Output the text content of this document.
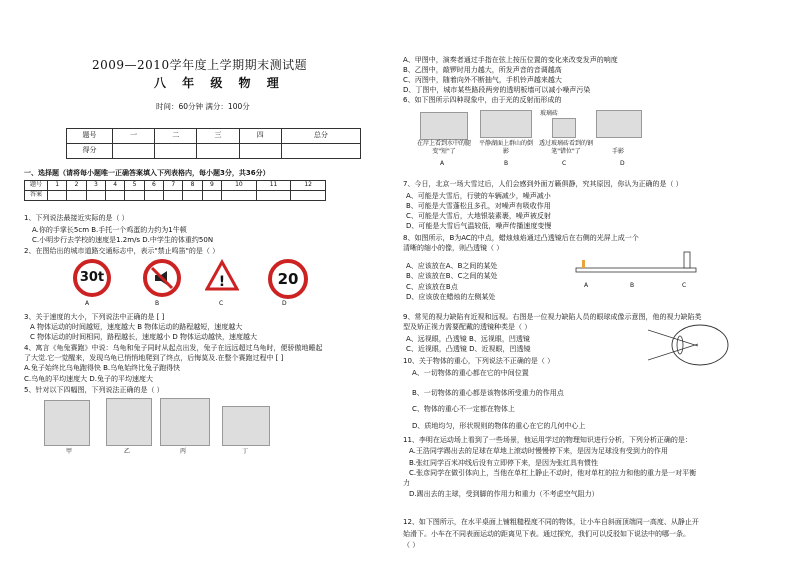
2009—2010学年度上学期期末测试题
八 年 级 物 理
时间：60分钟 满分：100分
题号	一	二	三	四	总分
得分					
一、选择题（请将每小题唯一正确答案填入下列表格内，每小题3分，共36分）
题号	1	2	3	4	5	6	7	8	9	10	11	12
答案												
1、下列说法最接近实际的是（ ）
A.你的手掌长5cm B.手托一个鸡蛋的力约为1牛顿
C.小明步行去学校的速度是1.2m/s D.中学生的体重约50N
2、在图给出的城市道路交通标志中，表示"禁止鸣笛"的是（ ）
30t	!	20
A	B	C	D
3、关于速度的大小，下列说法中正确的是 [ ]
A 物体运动的时间越短，速度越大 B 物体运动的路程越短，速度越大
C 物体运动的时间相同，路程越长，速度越小 D 物体运动越快，速度越大
4、寓言《龟兔赛跑》中说：乌龟和兔子同时从起点出发，兔子在远远超过乌龟时，便骄傲地睡起
了大觉.它一觉醒来，发现乌龟已悄悄地爬到了终点，后悔莫及.在整个赛跑过程中 [ ]
A.兔子始终比乌龟跑得快 B.乌龟始终比兔子跑得快
C.乌龟的平均速度大 D.兔子的平均速度大
5、针对以下四幅图，下列说法正确的是（ ）
甲	乙	丙	丁
A、甲图中，演奏者通过手指在弦上按压位置的变化来改变发声的响度
B、乙图中，敲锣时用力越大，所发声音的音调越高
C、丙图中，随着向外不断抽气，手机铃声越来越大
D、丁图中，城市某些路段两旁的透明板墙可以减小噪声污染
6、如下图所示四种现象中，由于光的反射而形成的
玻璃砖
在岸上看到水中的腿变"短"了
平静湖面上群山的倒影
透过玻璃砖看到的钢笔"错位"了	手影
A	B	C	D
7、今日，北京一场大雪过后，人们会感到外面万籁俱静，究其原因，你认为正确的是（ ）
A、可能是大雪后，行驶的车辆减少，噪声减小
B、可能是大雪蓬松且多孔，对噪声有吸收作用
C、可能是大雪后，大地银装素裹，噪声被反射
D、可能是大雪后气温较低，噪声传播速度变慢
8、如图所示，B为AC的中点，蜡烛烛焰通过凸透镜后在右侧的光屏上成一个
清晰的缩小的像，则凸透镜（ ）
A、应该放在A、B之间的某处
B、应该放在B、C之间的某处
C、应该放在B点
D、应该放在蜡烛的左侧某处
9、常见的视力缺陷有近视和远视。右图是一位视力缺陷人员的眼球成像示意图，他的视力缺陷类
型及矫正视力需要配戴的透镜种类是（ ）
A、远视眼，凸透镜 B、远视眼，凹透镜
C、近视眼，凸透镜 D、近视眼，凹透镜
10、关于物体的重心，下列说法不正确的是（ ）
A、一切物体的重心都在它的中间位置
B、一切物体的重心都是该物体所受重力的作用点
C、物体的重心不一定都在物体上
D、质地均匀，形状规则的物体的重心在它的几何中心上
11、李明在运动场上看到了一些场景，他运用学过的物理知识进行分析，下列分析正确的是：
A.王浩同学踢出去的足球在草地上滚动时慢慢停下来，是因为足球没有受到力的作用
B.张红同学百米冲线后没有立即停下来，是因为张红具有惯性
C.张彦同学在做引体向上，当他在单杠上静止不动时，他对单杠的拉力和他的重力是一对平衡
力
D.踢出去的主球，受到脚的作用力和重力（不考虑空气阻力）
12、如下图所示，在水平桌面上铺粗糙程度不同的物体，让小车自斜面顶端同一高度、从静止开
始滑下。小车在不同表面运动的距离见下表。通过探究，我们可以反驳如下说法中的哪一条。
（ ）
A	B	C
